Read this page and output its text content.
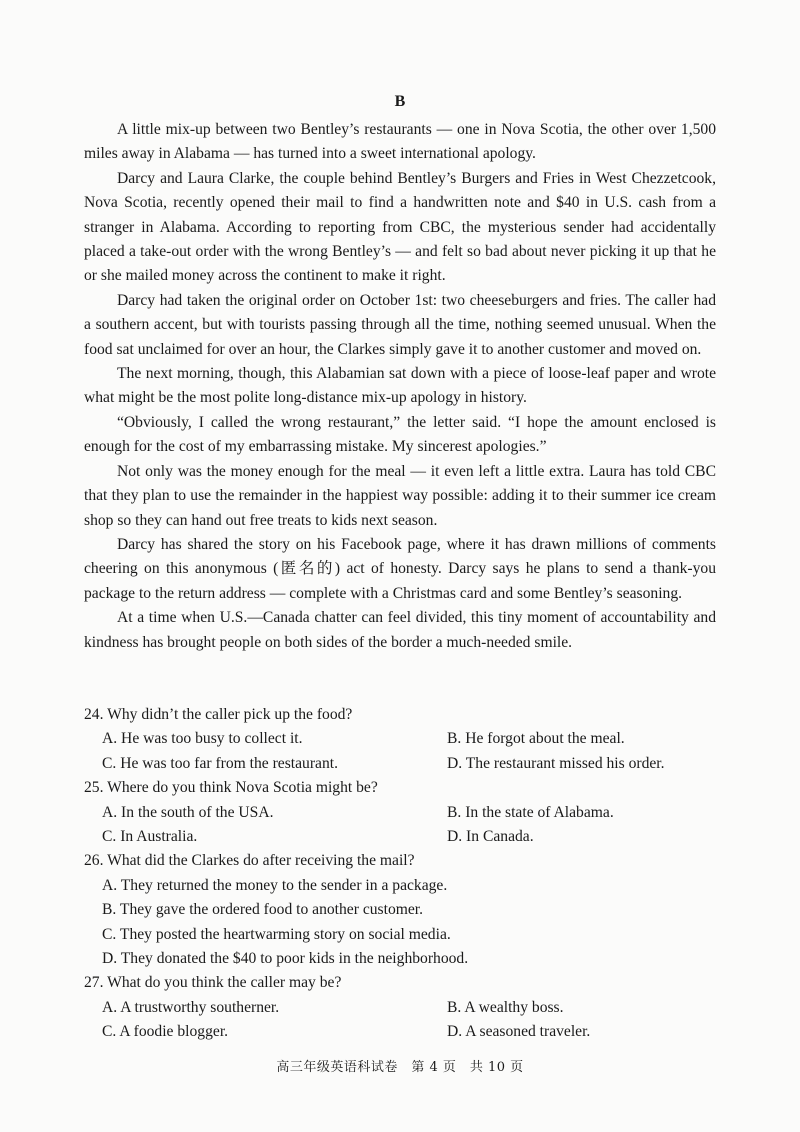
B

A little mix-up between two Bentley’s restaurants — one in Nova Scotia, the other over 1,500 miles away in Alabama — has turned into a sweet international apology.

Darcy and Laura Clarke, the couple behind Bentley’s Burgers and Fries in West Chezzetcook, Nova Scotia, recently opened their mail to find a handwritten note and $40 in U.S. cash from a stranger in Alabama. According to reporting from CBC, the mysterious sender had accidentally placed a take-out order with the wrong Bentley’s — and felt so bad about never picking it up that he or she mailed money across the continent to make it right.

Darcy had taken the original order on October 1st: two cheeseburgers and fries. The caller had a southern accent, but with tourists passing through all the time, nothing seemed unusual. When the food sat unclaimed for over an hour, the Clarkes simply gave it to another customer and moved on.

The next morning, though, this Alabamian sat down with a piece of loose-leaf paper and wrote what might be the most polite long-distance mix-up apology in history.

“Obviously, I called the wrong restaurant,” the letter said. “I hope the amount enclosed is enough for the cost of my embarrassing mistake. My sincerest apologies.”

Not only was the money enough for the meal — it even left a little extra. Laura has told CBC that they plan to use the remainder in the happiest way possible: adding it to their summer ice cream shop so they can hand out free treats to kids next season.

Darcy has shared the story on his Facebook page, where it has drawn millions of comments cheering on this anonymous (匿名的) act of honesty. Darcy says he plans to send a thank-you package to the return address — complete with a Christmas card and some Bentley’s seasoning.

At a time when U.S.—Canada chatter can feel divided, this tiny moment of accountability and kindness has brought people on both sides of the border a much-needed smile.

24. Why didn’t the caller pick up the food?
A. He was too busy to collect it.	B. He forgot about the meal.
C. He was too far from the restaurant.	D. The restaurant missed his order.
25. Where do you think Nova Scotia might be?
A. In the south of the USA.	B. In the state of Alabama.
C. In Australia.	D. In Canada.
26. What did the Clarkes do after receiving the mail?
A. They returned the money to the sender in a package.
B. They gave the ordered food to another customer.
C. They posted the heartwarming story on social media.
D. They donated the $40 to poor kids in the neighborhood.
27. What do you think the caller may be?
A. A trustworthy southerner.	B. A wealthy boss.
C. A foodie blogger.	D. A seasoned traveler.
高三年级英语科试卷　第 4 页　共 10 页
